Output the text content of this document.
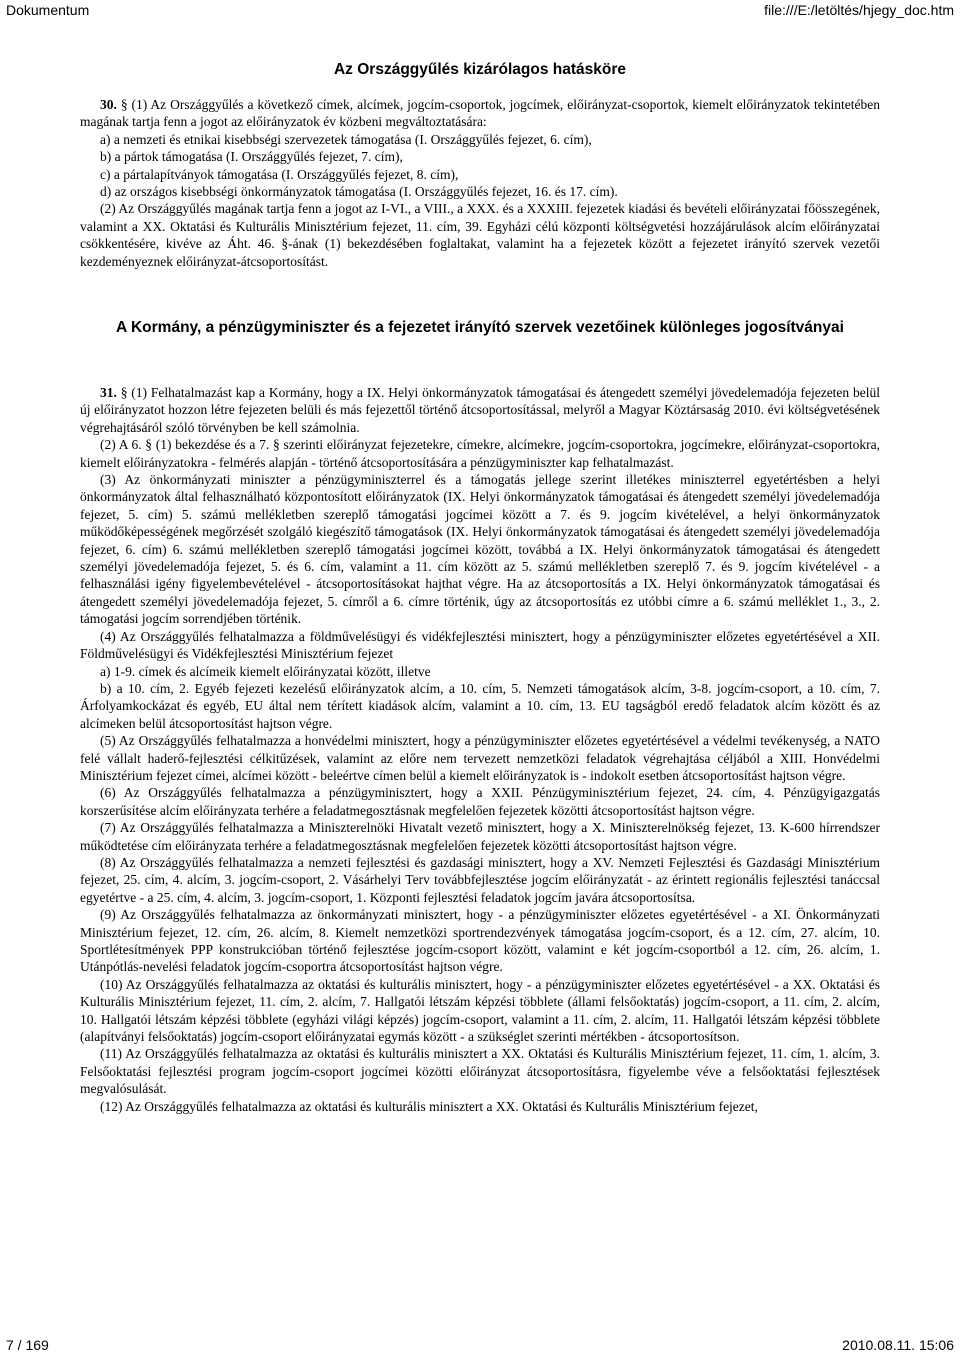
Dokumentum	file:///E:/letöltés/hjegy_doc.htm
Az Országgyűlés kizárólagos hatásköre

30. § (1) Az Országgyűlés a következő címek, alcímek, jogcím-csoportok, jogcímek, előirányzat-csoportok, kiemelt előirányzatok tekintetében magának tartja fenn a jogot az előirányzatok év közbeni megváltoztatására:

a) a nemzeti és etnikai kisebbségi szervezetek támogatása (I. Országgyűlés fejezet, 6. cím),

b) a pártok támogatása (I. Országgyűlés fejezet, 7. cím),

c) a pártalapítványok támogatása (I. Országgyűlés fejezet, 8. cím),

d) az országos kisebbségi önkormányzatok támogatása (I. Országgyűlés fejezet, 16. és 17. cím).

(2) Az Országgyűlés magának tartja fenn a jogot az I-VI., a VIII., a XXX. és a XXXIII. fejezetek kiadási és bevételi előirányzatai főösszegének, valamint a XX. Oktatási és Kulturális Minisztérium fejezet, 11. cím, 39. Egyházi célú központi költségvetési hozzájárulások alcím előirányzatai csökkentésére, kivéve az Áht. 46. §-ának (1) bekezdésében foglaltakat, valamint ha a fejezetek között a fejezetet irányító szervek vezetői kezdeményeznek előirányzat-átcsoportosítást.

A Kormány, a pénzügyminiszter és a fejezetet irányító szervek vezetőinek különleges jogosítványai

31. § (1) Felhatalmazást kap a Kormány, hogy a IX. Helyi önkormányzatok támogatásai és átengedett személyi jövedelemadója fejezeten belül új előirányzatot hozzon létre fejezeten belüli és más fejezettől történő átcsoportosítással, melyről a Magyar Köztársaság 2010. évi költségvetésének végrehajtásáról szóló törvényben be kell számolnia.

(2) A 6. § (1) bekezdése és a 7. § szerinti előirányzat fejezetekre, címekre, alcímekre, jogcím-csoportokra, jogcímekre, előirányzat-csoportokra, kiemelt előirányzatokra - felmérés alapján - történő átcsoportosítására a pénzügyminiszter kap felhatalmazást.

(3) Az önkormányzati miniszter a pénzügyminiszterrel és a támogatás jellege szerint illetékes miniszterrel egyetértésben a helyi önkormányzatok által felhasználható központosított előirányzatok (IX. Helyi önkormányzatok támogatásai és átengedett személyi jövedelemadója fejezet, 5. cím) 5. számú mellékletben szereplő támogatási jogcímei között a 7. és 9. jogcím kivételével, a helyi önkormányzatok működőképességének megőrzését szolgáló kiegészítő támogatások (IX. Helyi önkormányzatok támogatásai és átengedett személyi jövedelemadója fejezet, 6. cím) 6. számú mellékletben szereplő támogatási jogcímei között, továbbá a IX. Helyi önkormányzatok támogatásai és átengedett személyi jövedelemadója fejezet, 5. és 6. cím, valamint a 11. cím között az 5. számú mellékletben szereplő 7. és 9. jogcím kivételével - a felhasználási igény figyelembevételével - átcsoportosításokat hajthat végre. Ha az átcsoportosítás a IX. Helyi önkormányzatok támogatásai és átengedett személyi jövedelemadója fejezet, 5. címről a 6. címre történik, úgy az átcsoportosítás ez utóbbi címre a 6. számú melléklet 1., 3., 2. támogatási jogcím sorrendjében történik.

(4) Az Országgyűlés felhatalmazza a földművelésügyi és vidékfejlesztési minisztert, hogy a pénzügyminiszter előzetes egyetértésével a XII. Földművelésügyi és Vidékfejlesztési Minisztérium fejezet

a) 1-9. címek és alcímeik kiemelt előirányzatai között, illetve

b) a 10. cím, 2. Egyéb fejezeti kezelésű előirányzatok alcím, a 10. cím, 5. Nemzeti támogatások alcím, 3-8. jogcím-csoport, a 10. cím, 7. Árfolyamkockázat és egyéb, EU által nem térített kiadások alcím, valamint a 10. cím, 13. EU tagságból eredő feladatok alcím között és az alcímeken belül átcsoportosítást hajtson végre.

(5) Az Országgyűlés felhatalmazza a honvédelmi minisztert, hogy a pénzügyminiszter előzetes egyetértésével a védelmi tevékenység, a NATO felé vállalt haderő-fejlesztési célkitűzések, valamint az előre nem tervezett nemzetközi feladatok végrehajtása céljából a XIII. Honvédelmi Minisztérium fejezet címei, alcímei között - beleértve címen belül a kiemelt előirányzatok is - indokolt esetben átcsoportosítást hajtson végre.

(6) Az Országgyűlés felhatalmazza a pénzügyminisztert, hogy a XXII. Pénzügyminisztérium fejezet, 24. cím, 4. Pénzügyigazgatás korszerűsítése alcím előirányzata terhére a feladatmegosztásnak megfelelően fejezetek közötti átcsoportosítást hajtson végre.

(7) Az Országgyűlés felhatalmazza a Miniszterelnöki Hivatalt vezető minisztert, hogy a X. Miniszterelnökség fejezet, 13. K-600 hírrendszer működtetése cím előirányzata terhére a feladatmegosztásnak megfelelően fejezetek közötti átcsoportosítást hajtson végre.

(8) Az Országgyűlés felhatalmazza a nemzeti fejlesztési és gazdasági minisztert, hogy a XV. Nemzeti Fejlesztési és Gazdasági Minisztérium fejezet, 25. cím, 4. alcím, 3. jogcím-csoport, 2. Vásárhelyi Terv továbbfejlesztése jogcím előirányzatát - az érintett regionális fejlesztési tanáccsal egyetértve - a 25. cím, 4. alcím, 3. jogcím-csoport, 1. Központi fejlesztési feladatok jogcím javára átcsoportosítsa.

(9) Az Országgyűlés felhatalmazza az önkormányzati minisztert, hogy - a pénzügyminiszter előzetes egyetértésével - a XI. Önkormányzati Minisztérium fejezet, 12. cím, 26. alcím, 8. Kiemelt nemzetközi sportrendezvények támogatása jogcím-csoport, és a 12. cím, 27. alcím, 10. Sportlétesítmények PPP konstrukcióban történő fejlesztése jogcím-csoport között, valamint e két jogcím-csoportból a 12. cím, 26. alcím, 1. Utánpótlás-nevelési feladatok jogcím-csoportra átcsoportosítást hajtson végre.

(10) Az Országgyűlés felhatalmazza az oktatási és kulturális minisztert, hogy - a pénzügyminiszter előzetes egyetértésével - a XX. Oktatási és Kulturális Minisztérium fejezet, 11. cím, 2. alcím, 7. Hallgatói létszám képzési többlete (állami felsőoktatás) jogcím-csoport, a 11. cím, 2. alcím, 10. Hallgatói létszám képzési többlete (egyházi világi képzés) jogcím-csoport, valamint a 11. cím, 2. alcím, 11. Hallgatói létszám képzési többlete (alapítványi felsőoktatás) jogcím-csoport előirányzatai egymás között - a szükséglet szerinti mértékben - átcsoportosítson.

(11) Az Országgyűlés felhatalmazza az oktatási és kulturális minisztert a XX. Oktatási és Kulturális Minisztérium fejezet, 11. cím, 1. alcím, 3. Felsőoktatási fejlesztési program jogcím-csoport jogcímei közötti előirányzat átcsoportosításra, figyelembe véve a felsőoktatási fejlesztések megvalósulását.

(12) Az Országgyűlés felhatalmazza az oktatási és kulturális minisztert a XX. Oktatási és Kulturális Minisztérium fejezet,

7 / 169	2010.08.11. 15:06
